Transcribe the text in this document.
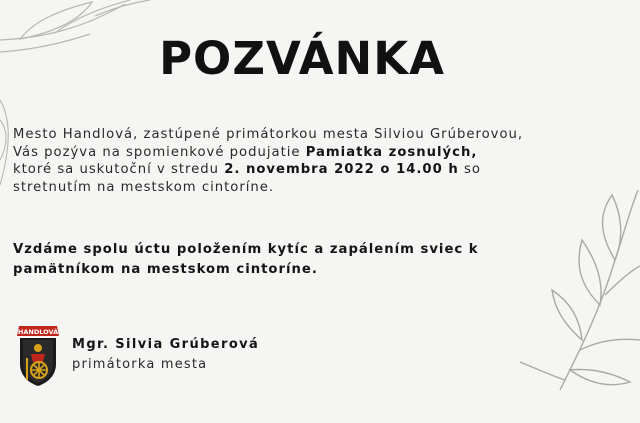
POZVÁNKA
Mesto Handlová, zastúpené primátorkou mesta Silviou Grúberovou,
Vás pozýva na spomienkové podujatie Pamiatka zosnulých,
ktoré sa uskutoční v stredu 2. novembra 2022 o 14.00 h so
stretnutím na mestskom cintoríne.
Vzdáme spolu úctu položením kytíc a zapálením sviec k
pamätníkom na mestskom cintoríne.
HANDLOVÁ
Mgr. Silvia Grúberová
primátorka mesta
